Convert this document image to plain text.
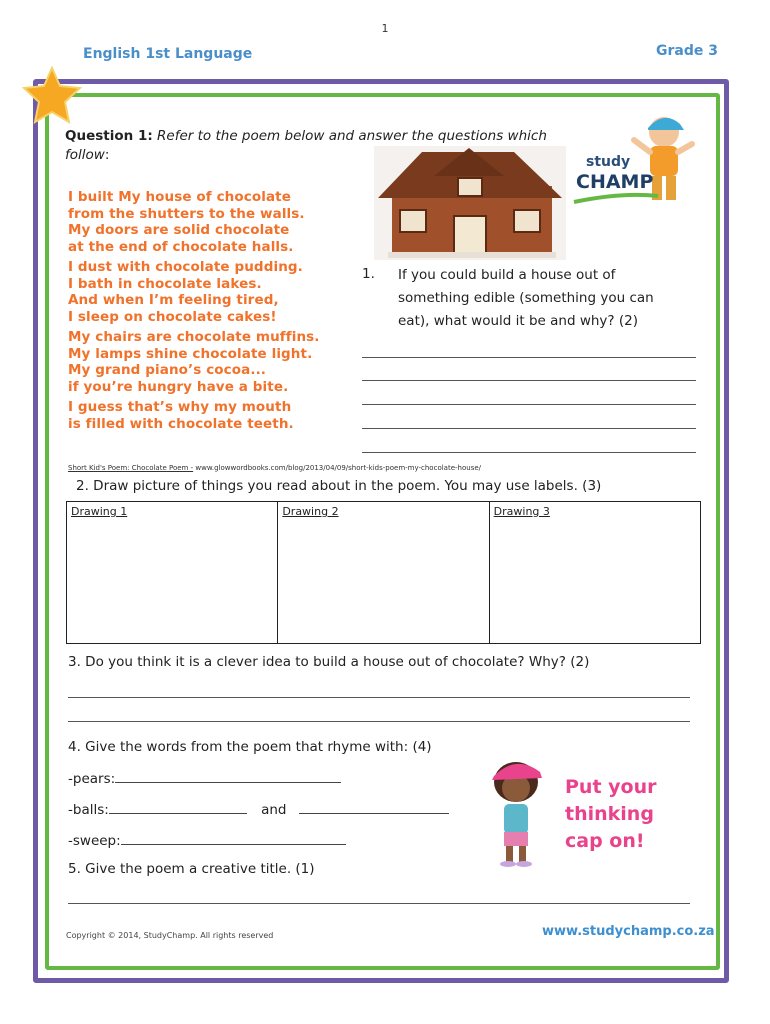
1
English 1st Language	Grade 3
Question 1: Refer to the poem below and answer the questions which follow:	study
CHAMP
I built My house of chocolate
from the shutters to the walls.
My doors are solid chocolate
at the end of chocolate halls.
I dust with chocolate pudding.
I bath in chocolate lakes.
And when I’m feeling tired,
I sleep on chocolate cakes!
My chairs are chocolate muffins.
My lamps shine chocolate light.
My grand piano’s cocoa...
if you’re hungry have a bite.
I guess that’s why my mouth
is filled with chocolate teeth.
1. If you could build a house out of
something edible (something you can
eat), what would it be and why? (2)
Short Kid's Poem: Chocolate Poem - www.glowwordbooks.com/blog/2013/04/09/short-kids-poem-my-chocolate-house/
2. Draw picture of things you read about in the poem. You may use labels. (3)
Drawing 1	Drawing 2	Drawing 3
3. Do you think it is a clever idea to build a house out of chocolate? Why? (2)
4. Give the words from the poem that rhyme with: (4)
-pears:
-balls:	and
-sweep:
Put your
thinking
cap on!
5. Give the poem a creative title. (1)
Copyright © 2014, StudyChamp. All rights reserved	www.studychamp.co.za
